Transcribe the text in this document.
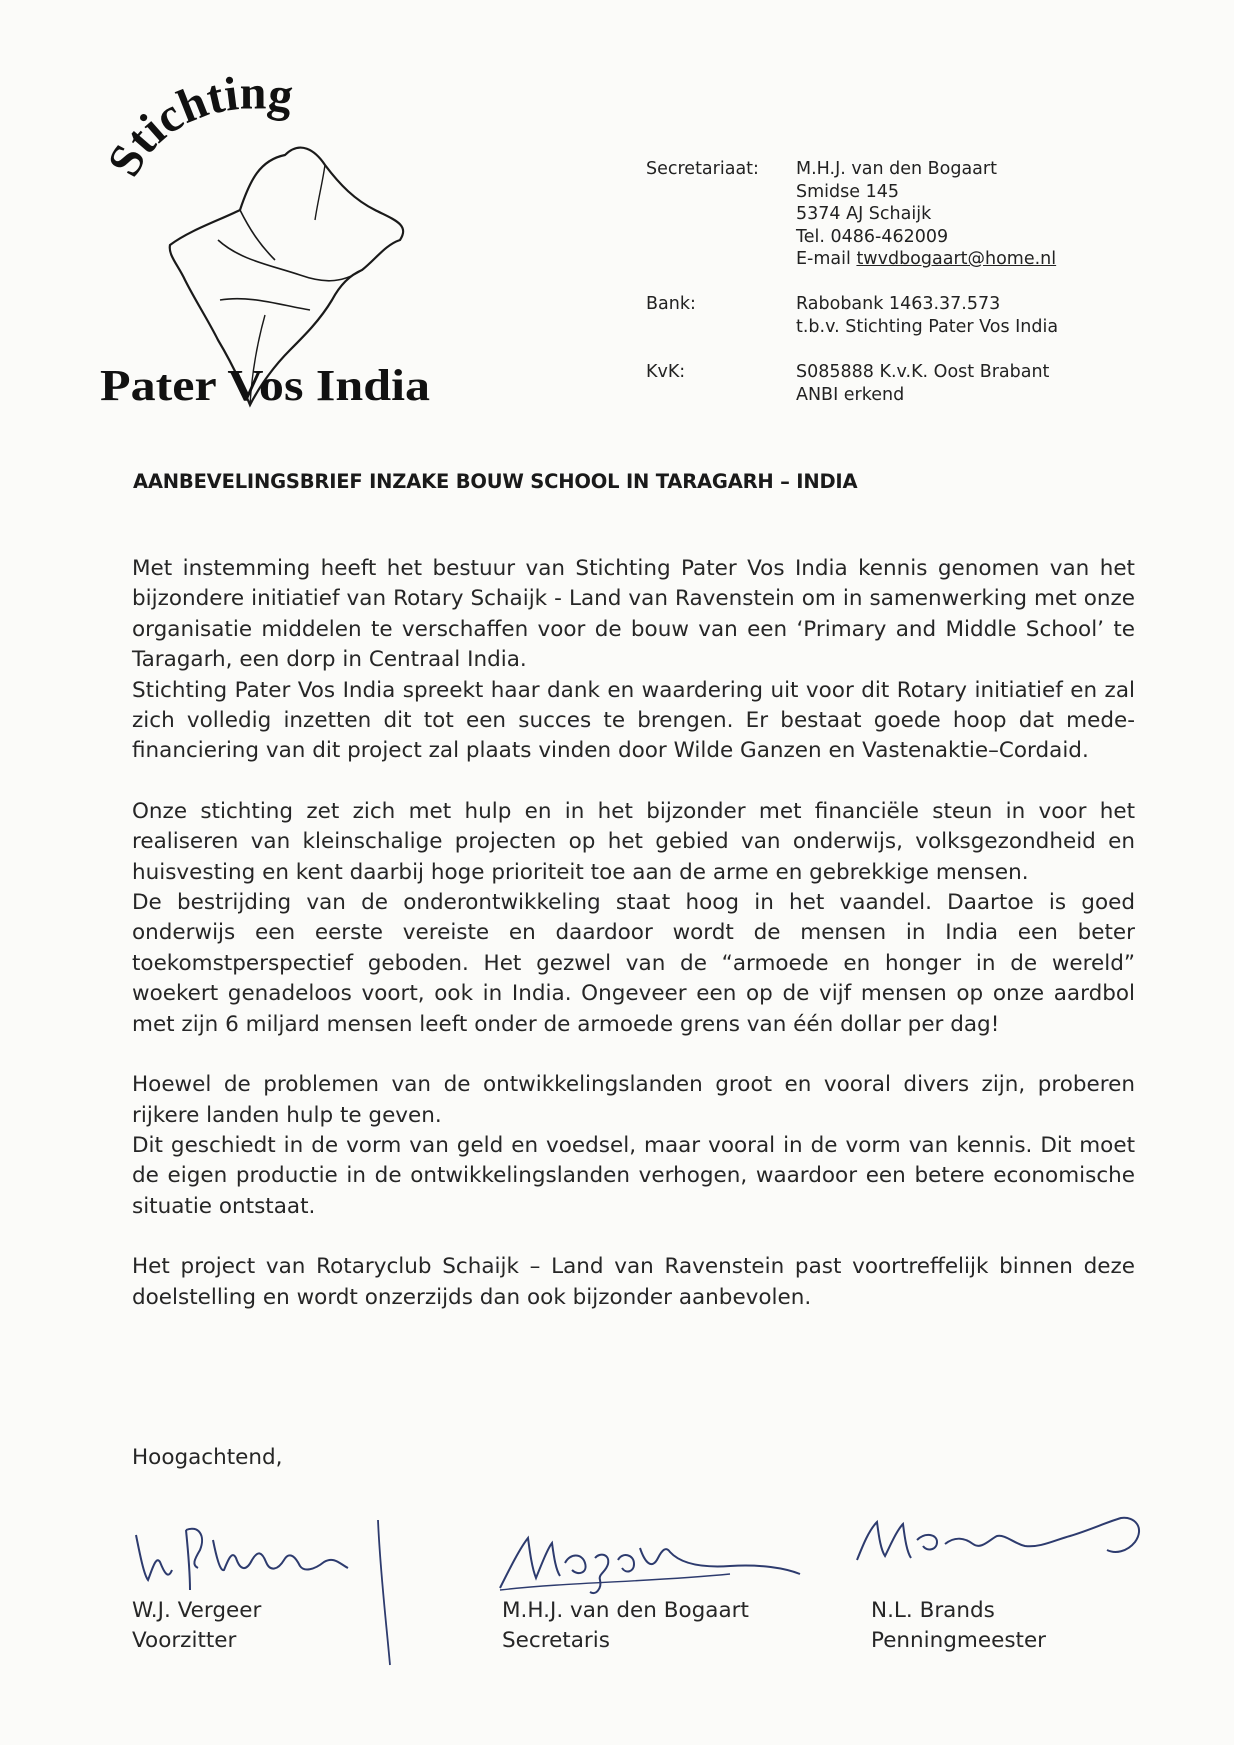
Stichting
Pater Vos India
Secretariaat: M.H.J. van den Bogaart
Smidse 145
5374 AJ Schaijk
Tel. 0486-462009
E-mail twvdbogaart@home.nl
Bank:	Rabobank 1463.37.573
t.b.v. Stichting Pater Vos India
KvK:	S085888 K.v.K. Oost Brabant
ANBI erkend
AANBEVELINGSBRIEF INZAKE BOUW SCHOOL IN TARAGARH – INDIA

Met instemming heeft het bestuur van Stichting Pater Vos India kennis genomen van het bijzondere initiatief van Rotary Schaijk - Land van Ravenstein om in samenwerking met onze organisatie middelen te verschaffen voor de bouw van een ‘Primary and Middle School’ te Taragarh, een dorp in Centraal India.

Stichting Pater Vos India spreekt haar dank en waardering uit voor dit Rotary initiatief en zal zich volledig inzetten dit tot een succes te brengen. Er bestaat goede hoop dat mede-financiering van dit project zal plaats vinden door Wilde Ganzen en Vastenaktie–Cordaid.

Onze stichting zet zich met hulp en in het bijzonder met financiële steun in voor het realiseren van kleinschalige projecten op het gebied van onderwijs, volksgezondheid en huisvesting en kent daarbij hoge prioriteit toe aan de arme en gebrekkige mensen.

De bestrijding van de onderontwikkeling staat hoog in het vaandel. Daartoe is goed onderwijs een eerste vereiste en daardoor wordt de mensen in India een beter toekomstperspectief geboden. Het gezwel van de “armoede en honger in de wereld” woekert genadeloos voort, ook in India. Ongeveer een op de vijf mensen op onze aardbol met zijn 6 miljard mensen leeft onder de armoede grens van één dollar per dag!

Hoewel de problemen van de ontwikkelingslanden groot en vooral divers zijn, proberen rijkere landen hulp te geven.

Dit geschiedt in de vorm van geld en voedsel, maar vooral in de vorm van kennis. Dit moet de eigen productie in de ontwikkelingslanden verhogen, waardoor een betere economische situatie ontstaat.

Het project van Rotaryclub Schaijk – Land van Ravenstein past voortreffelijk binnen deze doelstelling en wordt onzerzijds dan ook bijzonder aanbevolen.

Hoogachtend,
W.J. Vergeer
Voorzitter
M.H.J. van den Bogaart
Secretaris
N.L. Brands
Penningmeester
